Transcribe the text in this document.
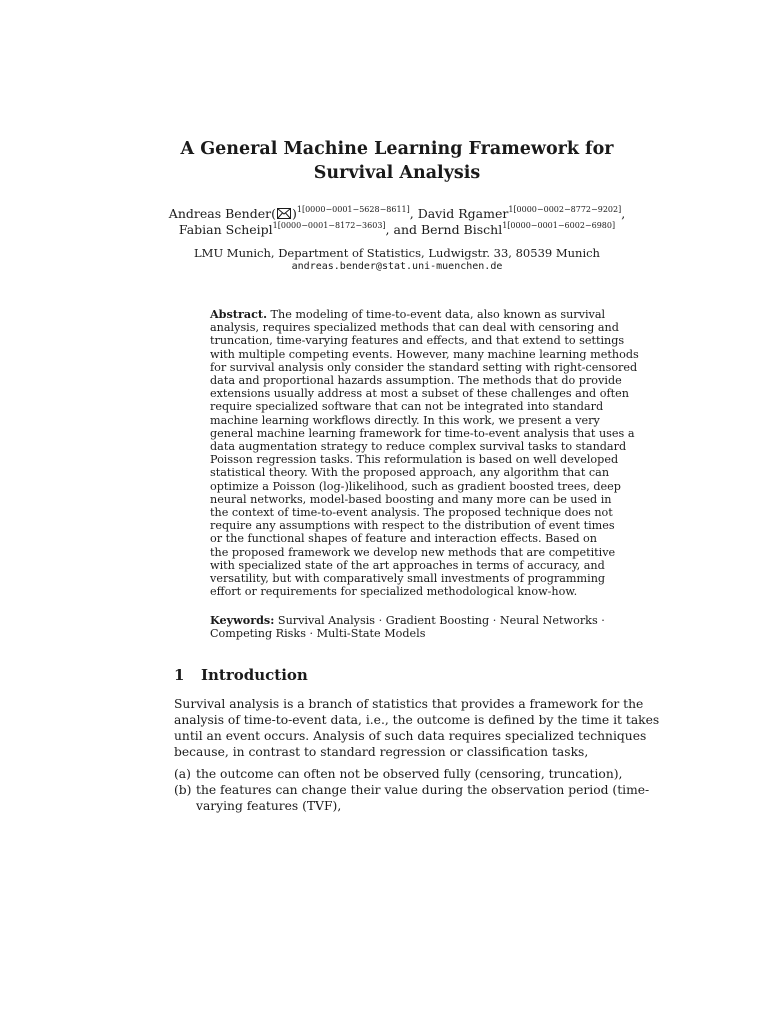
A General Machine Learning Framework for
Survival Analysis
Andreas Bender( )$^{1[0000-0001-5628-8611]}$, David Rgamer$^{1[0000-0002-8772-9202]}$,
Fabian Scheipl$^{1[0000-0001-8172-3603]}$, and Bernd Bischl$^{1[0000-0001-6002-6980]}$
LMU Munich, Department of Statistics, Ludwigstr. 33, 80539 Munich
andreas.bender@stat.uni-muenchen.de
Abstract. The modeling of time-to-event data, also known as survival
analysis, requires specialized methods that can deal with censoring and
truncation, time-varying features and effects, and that extend to settings
with multiple competing events. However, many machine learning methods
for survival analysis only consider the standard setting with right-censored
data and proportional hazards assumption. The methods that do provide
extensions usually address at most a subset of these challenges and often
require specialized software that can not be integrated into standard
machine learning workflows directly. In this work, we present a very
general machine learning framework for time-to-event analysis that uses a
data augmentation strategy to reduce complex survival tasks to standard
Poisson regression tasks. This reformulation is based on well developed
statistical theory. With the proposed approach, any algorithm that can
optimize a Poisson (log-)likelihood, such as gradient boosted trees, deep
neural networks, model-based boosting and many more can be used in
the context of time-to-event analysis. The proposed technique does not
require any assumptions with respect to the distribution of event times
or the functional shapes of feature and interaction effects. Based on
the proposed framework we develop new methods that are competitive
with specialized state of the art approaches in terms of accuracy, and
versatility, but with comparatively small investments of programming
effort or requirements for specialized methodological know-how.
Keywords: Survival Analysis · Gradient Boosting · Neural Networks ·
Competing Risks · Multi-State Models
1 Introduction
Survival analysis is a branch of statistics that provides a framework for the
analysis of time-to-event data, i.e., the outcome is defined by the time it takes
until an event occurs. Analysis of such data requires specialized techniques
because, in contrast to standard regression or classification tasks,
(a) the outcome can often not be observed fully (censoring, truncation),
(b) the features can change their value during the observation period (time-
varying features (TVF),
